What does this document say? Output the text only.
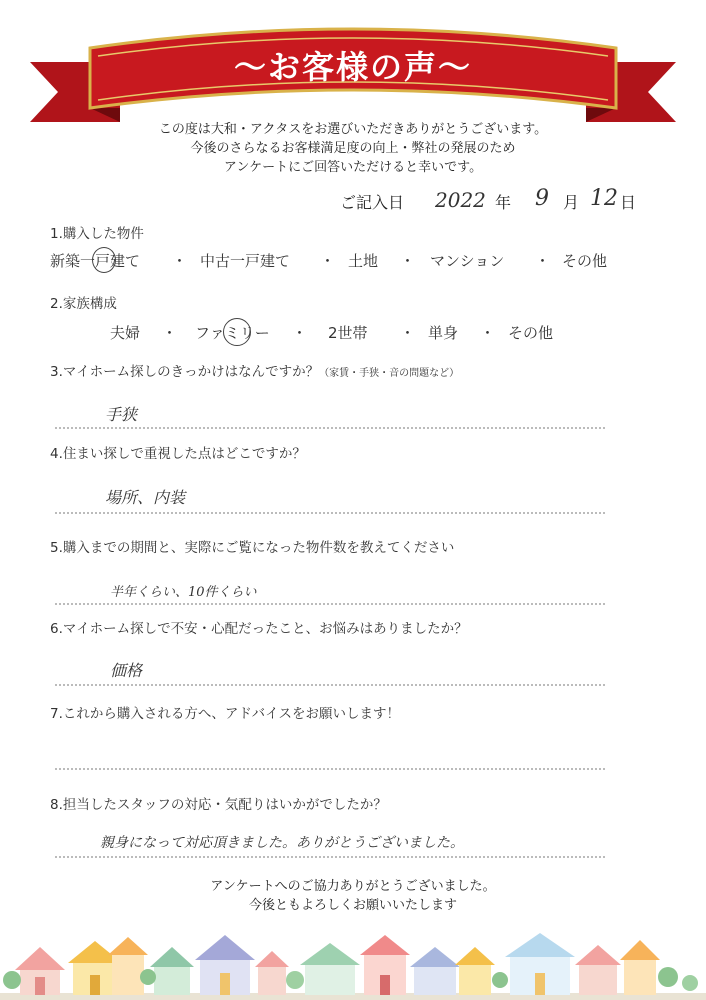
〜お客様の声〜
この度は大和・アクタスをお選びいただきありがとうございます。
今後のさらなるお客様満足度の向上・弊社の発展のため
アンケートにご回答いただけると幸いです。
ご記入日 2022 年 9 月 12 日
1.購入した物件
新築一戸建て ・ 中古一戸建て ・ 土地 ・ マンション ・ その他
2.家族構成
夫婦 ・ ファミリー ・ 2世帯 ・ 単身 ・ その他
3.マイホーム探しのきっかけはなんですか？（家賃・手狭・音の問題など）
手狭
4.住まい探しで重視した点はどこですか？
場所、内装
5.購入までの期間と、実際にご覧になった物件数を教えてください
半年くらい、10件くらい
6.マイホーム探しで不安・心配だったこと、お悩みはありましたか？
価格
7.これから購入される方へ、アドバイスをお願いします！
8.担当したスタッフの対応・気配りはいかがでしたか？
親身になって対応頂きました。ありがとうございました。
アンケートへのご協力ありがとうございました。
今後ともよろしくお願いいたします
